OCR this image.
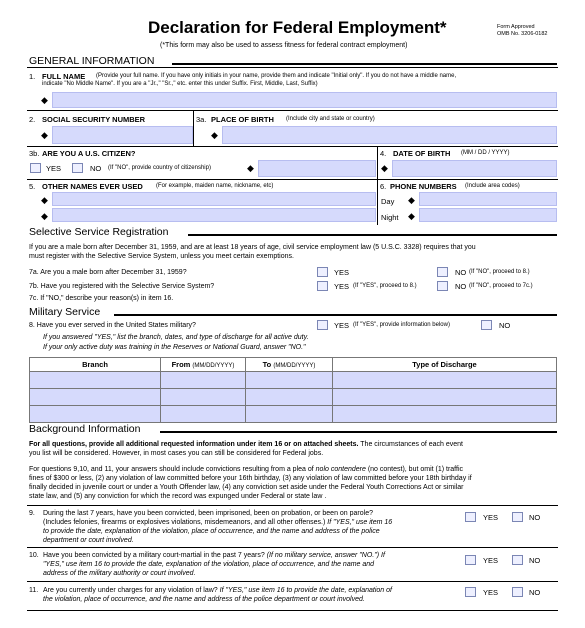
Declaration for Federal Employment*
(*This form may also be used to assess fitness for federal contract employment)
Form Approved
OMB No. 3206-0182
GENERAL INFORMATION
1. FULL NAME (Provide your full name. If you have only initials in your name, provide them and indicate "Initial only". If you do not have a middle name,
indicate "No Middle Name". If you are a "Jr.," "Sr.," etc. enter this under Suffix. First, Middle, Last, Suffix)
◆
2. SOCIAL SECURITY NUMBER
◆
3a. PLACE OF BIRTH (Include city and state or country)
◆
3b. ARE YOU A U.S. CITIZEN?
YES	NO (If "NO", provide country of citizenship)	◆
4. DATE OF BIRTH (MM / DD / YYYY)
◆
5. OTHER NAMES EVER USED (For example, maiden name, nickname, etc)
◆
◆
6. PHONE NUMBERS (Include area codes)
Day ◆
Night ◆
Selective Service Registration
If you are a male born after December 31, 1959, and are at least 18 years of age, civil service employment law (5 U.S.C. 3328) requires that you
must register with the Selective Service System, unless you meet certain exemptions.
7a. Are you a male born after December 31, 1959?	YES	NO (If "NO", proceed to 8.)
7b. Have you registered with the Selective Service System?	YES (If "YES", proceed to 8.)	NO (If "NO", proceed to 7c.)
7c. If "NO," describe your reason(s) in item 16.
Military Service
8. Have you ever served in the United States military?	YES (If "YES", provide information below)	NO
If you answered "YES," list the branch, dates, and type of discharge for all active duty.
If your only active duty was training in the Reserves or National Guard, answer "NO."
Branch	From (MM/DD/YYYY)	To (MM/DD/YYYY)	Type of Discharge

Background Information
For all questions, provide all additional requested information under item 16 or on attached sheets. The circumstances of each event
you list will be considered. However, in most cases you can still be considered for Federal jobs.
For questions 9,10, and 11, your answers should include convictions resulting from a plea of nolo contendere (no contest), but omit (1) traffic
fines of $300 or less, (2) any violation of law committed before your 16th birthday, (3) any violation of law committed before your 18th birthday if
finally decided in juvenile court or under a Youth Offender law, (4) any conviction set aside under the Federal Youth Corrections Act or similar
state law, and (5) any conviction for which the record was expunged under Federal or state law .
9. During the last 7 years, have you been convicted, been imprisoned, been on probation, or been on parole?
(Includes felonies, firearms or explosives violations, misdemeanors, and all other offenses.) If "YES," use item 16
to provide the date, explanation of the violation, place of occurrence, and the name and address of the police
department or court involved.
YES	NO
10. Have you been convicted by a military court-martial in the past 7 years? (If no military service, answer "NO.") If
"YES," use item 16 to provide the date, explanation of the violation, place of occurrence, and the name and
address of the military authority or court involved.
YES	NO
11. Are you currently under charges for any violation of law? If "YES," use item 16 to provide the date, explanation of
the violation, place of occurrence, and the name and address of the police department or court involved.
YES	NO
